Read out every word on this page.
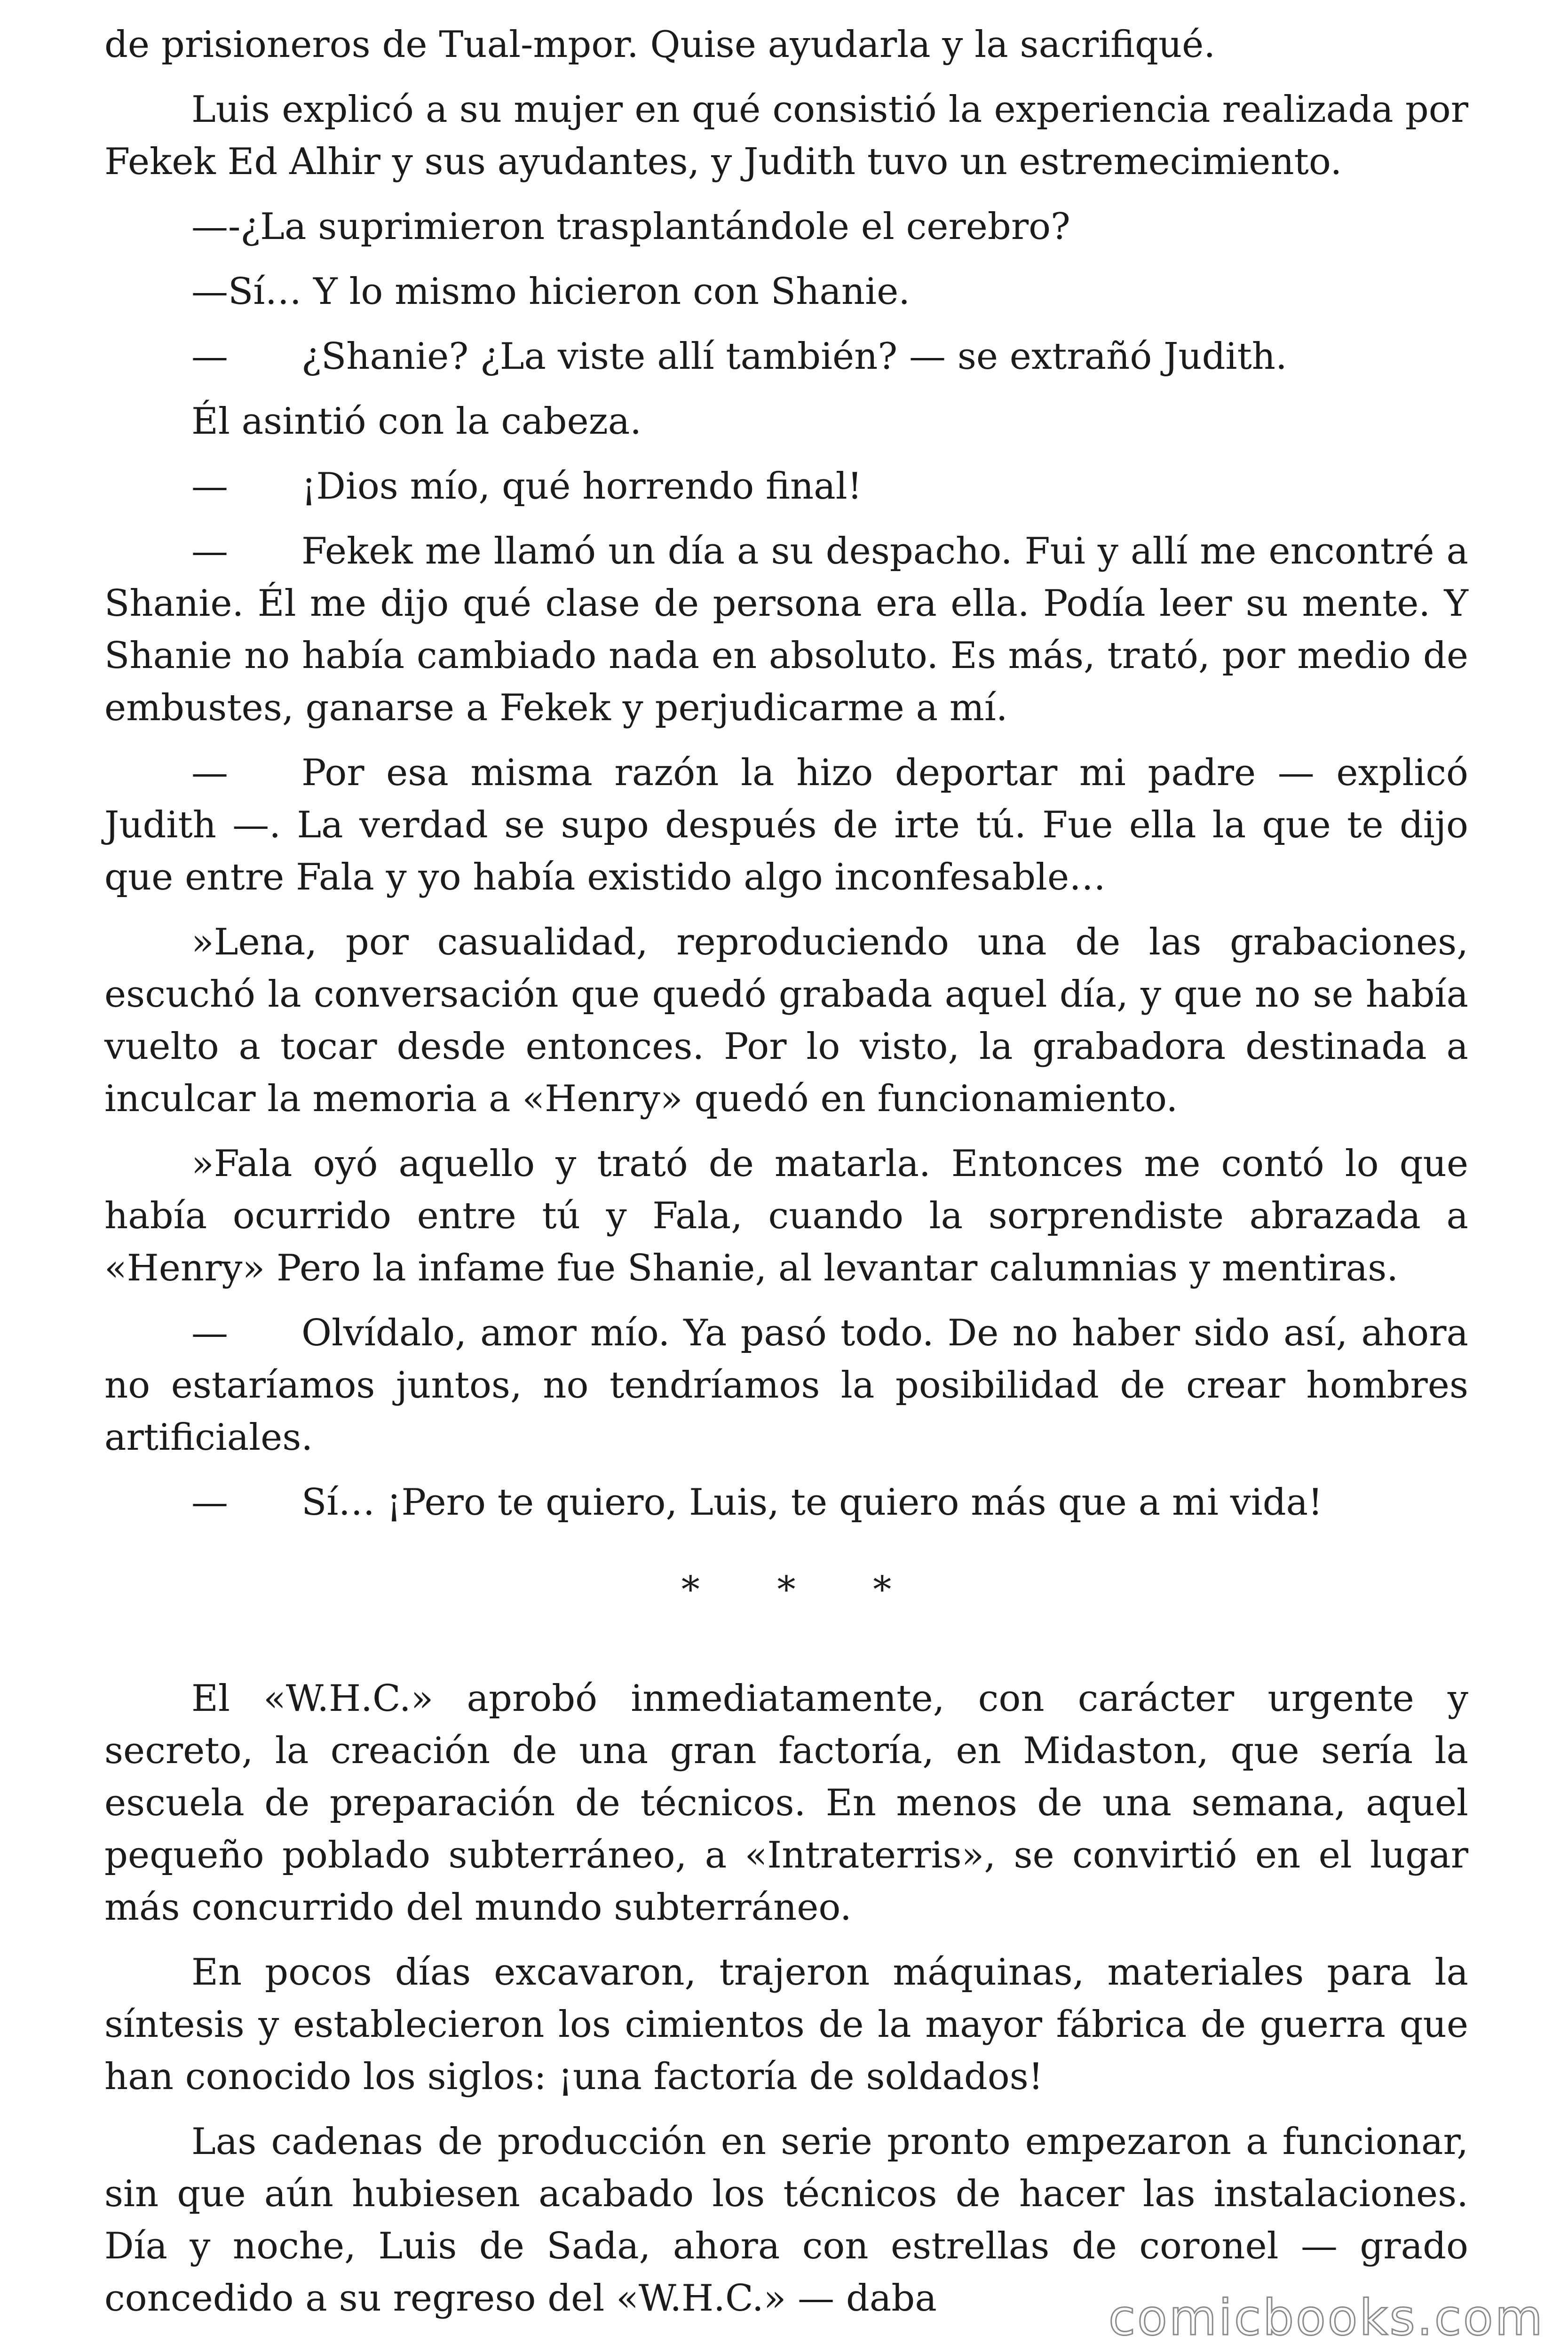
de prisioneros de Tual-mpor. Quise ayudarla y la sacrifiqué.

Luis explicó a su mujer en qué consistió la experiencia realizada por Fekek Ed Alhir y sus ayudantes, y Judith tuvo un estremecimiento.

—-¿La suprimieron trasplantándole el cerebro?

—Sí… Y lo mismo hicieron con Shanie.

—  ¿Shanie? ¿La viste allí también? — se extrañó Judith.

Él asintió con la cabeza.

—  ¡Dios mío, qué horrendo final!

—  Fekek me llamó un día a su despacho. Fui y allí me encontré a Shanie. Él me dijo qué clase de persona era ella. Podía leer su mente. Y Shanie no había cambiado nada en absoluto. Es más, trató, por medio de embustes, ganarse a Fekek y perjudicarme a mí.

—  Por esa misma razón la hizo deportar mi padre — explicó Judith —. La verdad se supo después de irte tú. Fue ella la que te dijo que entre Fala y yo había existido algo inconfesable…

»Lena, por casualidad, reproduciendo una de las grabaciones, escuchó la conversación que quedó grabada aquel día, y que no se había vuelto a tocar desde entonces. Por lo visto, la grabadora destinada a inculcar la memoria a «Henry» quedó en funcionamiento.

»Fala oyó aquello y trató de matarla. Entonces me contó lo que había ocurrido entre tú y Fala, cuando la sorprendiste abrazada a «Henry» Pero la infame fue Shanie, al levantar calumnias y mentiras.

—  Olvídalo, amor mío. Ya pasó todo. De no haber sido así, ahora no estaríamos juntos, no tendríamos la posibilidad de crear hombres artificiales.

—  Sí… ¡Pero te quiero, Luis, te quiero más que a mi vida!

* * *

El «W.H.C.» aprobó inmediatamente, con carácter urgente y secreto, la creación de una gran factoría, en Midaston, que sería la escuela de preparación de técnicos. En menos de una semana, aquel pequeño poblado subterráneo, a «Intraterris», se convirtió en el lugar más concurrido del mundo subterráneo.

En pocos días excavaron, trajeron máquinas, materiales para la síntesis y establecieron los cimientos de la mayor fábrica de guerra que han conocido los siglos: ¡una factoría de soldados!

Las cadenas de producción en serie pronto empezaron a funcionar, sin que aún hubiesen acabado los técnicos de hacer las instalaciones. Día y noche, Luis de Sada, ahora con estrellas de coronel — grado concedido a su regreso del «W.H.C.» — daba	comicbooks.com
